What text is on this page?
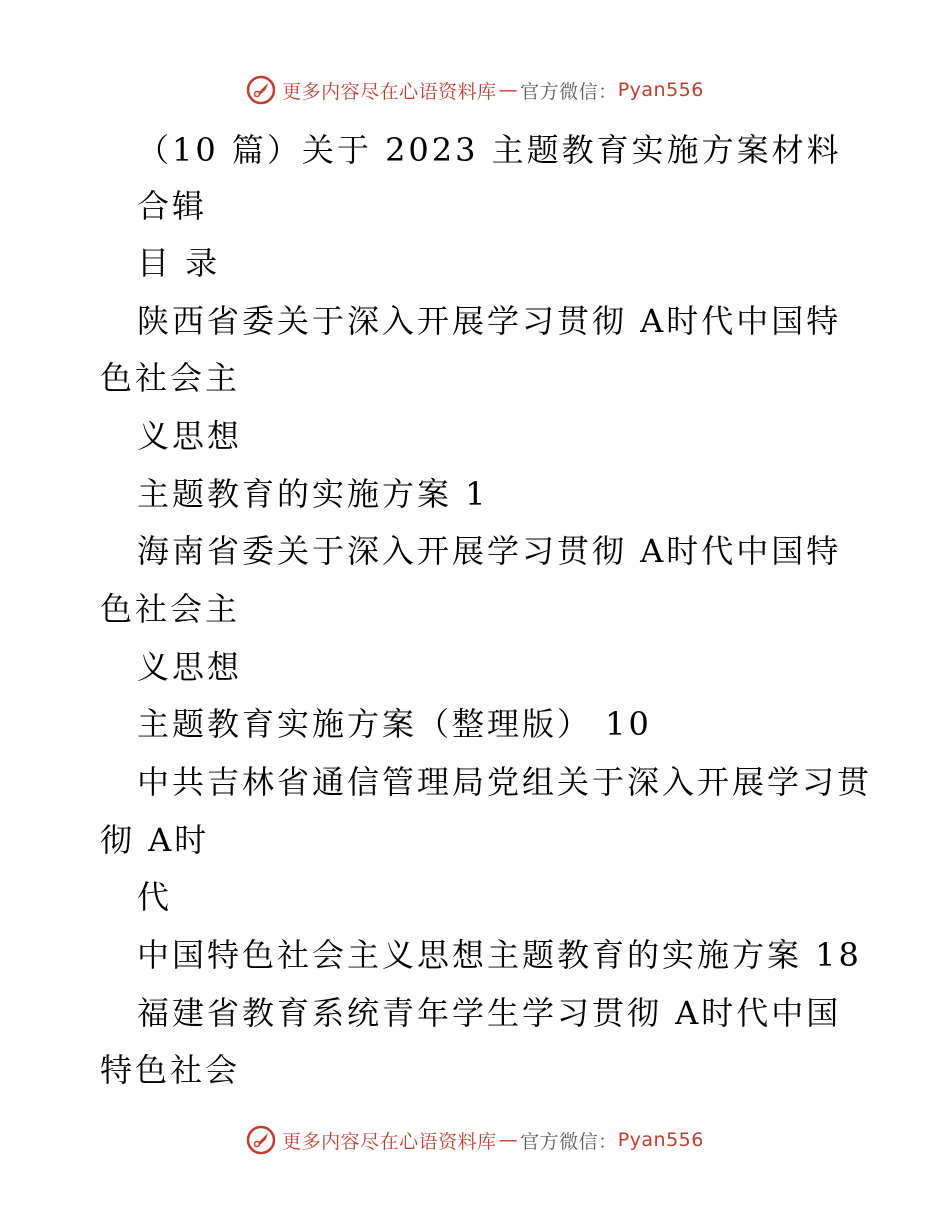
更多内容尽在心语资料库 — 官方微信： Pyan556
（10 篇）关于 2023 主题教育实施方案材料
合辑
目 录
陕西省委关于深入开展学习贯彻 A时代中国特
色社会主
义思想
主题教育的实施方案 1
海南省委关于深入开展学习贯彻 A时代中国特
色社会主
义思想
主题教育实施方案（整理版） 10
中共吉林省通信管理局党组关于深入开展学习贯
彻 A时
代
中国特色社会主义思想主题教育的实施方案 18
福建省教育系统青年学生学习贯彻 A时代中国
特色社会
更多内容尽在心语资料库 — 官方微信： Pyan556
